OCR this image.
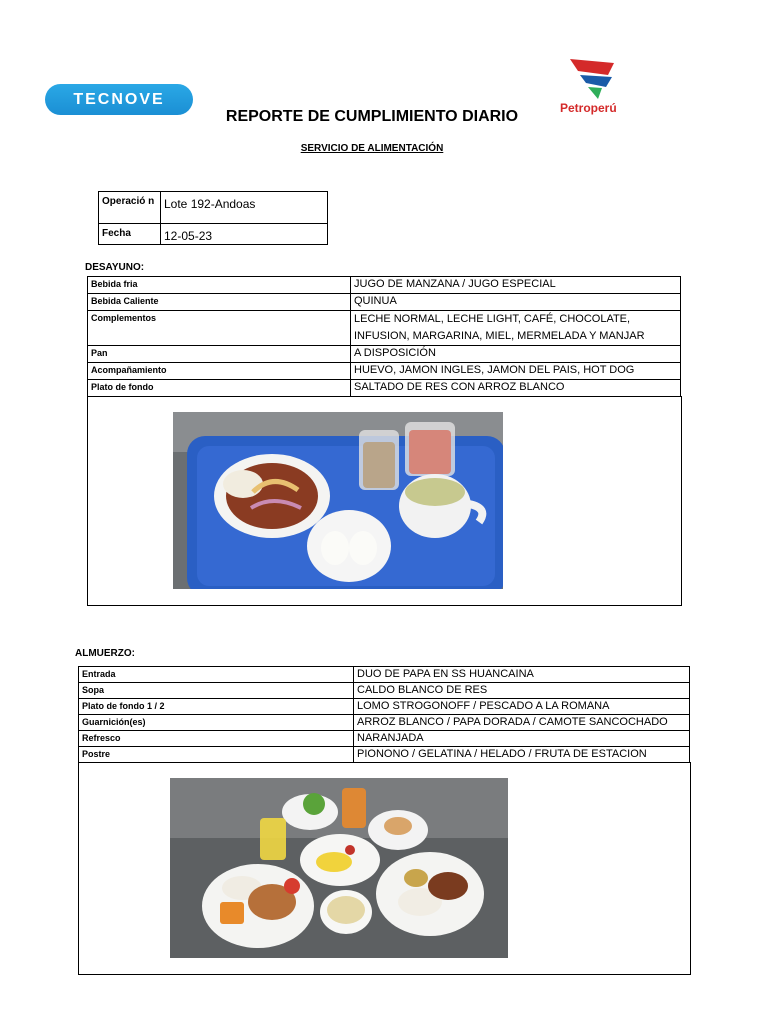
TECNOVE
Petroperú
REPORTE DE CUMPLIMIENTO DIARIO
SERVICIO DE ALIMENTACIÓN
Operació n	Lote 192-Andoas
Fecha	12-05-23
DESAYUNO:
Bebida fria	JUGO DE MANZANA / JUGO ESPECIAL
Bebida Caliente	QUINUA
Complementos	LECHE NORMAL, LECHE LIGHT, CAFÉ, CHOCOLATE, INFUSION, MARGARINA, MIEL, MERMELADA Y MANJAR
Pan	A DISPOSICIÓN
Acompañamiento	HUEVO, JAMON INGLES, JAMON DEL PAIS, HOT DOG
Plato de fondo	SALTADO DE RES CON ARROZ BLANCO
ALMUERZO:
Entrada	DUO DE PAPA EN SS HUANCAINA
Sopa	CALDO BLANCO DE RES
Plato de fondo 1 / 2	LOMO STROGONOFF / PESCADO A LA ROMANA
Guarnición(es)	ARROZ BLANCO / PAPA DORADA / CAMOTE SANCOCHADO
Refresco	NARANJADA
Postre	PIONONO / GELATINA / HELADO / FRUTA DE ESTACION
